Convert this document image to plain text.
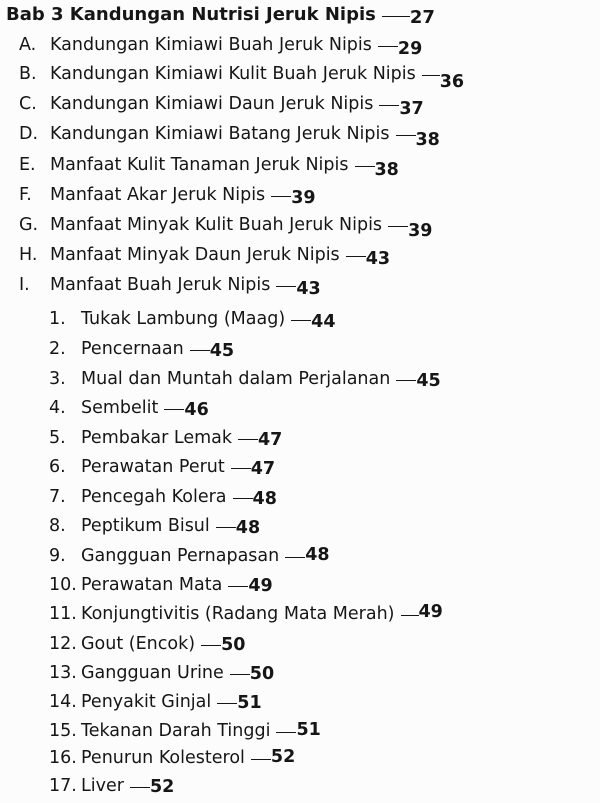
Bab 3 Kandungan Nutrisi Jeruk Nipis 27
A. Kandungan Kimiawi Buah Jeruk Nipis 29
B. Kandungan Kimiawi Kulit Buah Jeruk Nipis 36
C. Kandungan Kimiawi Daun Jeruk Nipis 37
D. Kandungan Kimiawi Batang Jeruk Nipis 38
E. Manfaat Kulit Tanaman Jeruk Nipis 38
F. Manfaat Akar Jeruk Nipis 39
G. Manfaat Minyak Kulit Buah Jeruk Nipis 39
H. Manfaat Minyak Daun Jeruk Nipis 43
I. Manfaat Buah Jeruk Nipis 43
1. Tukak Lambung (Maag) 44
2. Pencernaan 45
3. Mual dan Muntah dalam Perjalanan 45
4. Sembelit 46
5. Pembakar Lemak 47
6. Perawatan Perut 47
7. Pencegah Kolera 48
8. Peptikum Bisul 48
9. Gangguan Pernapasan 48
10. Perawatan Mata 49
11. Konjungtivitis (Radang Mata Merah) 49
12. Gout (Encok) 50
13. Gangguan Urine 50
14. Penyakit Ginjal 51
15. Tekanan Darah Tinggi 51
16. Penurun Kolesterol 52
17. Liver 52
